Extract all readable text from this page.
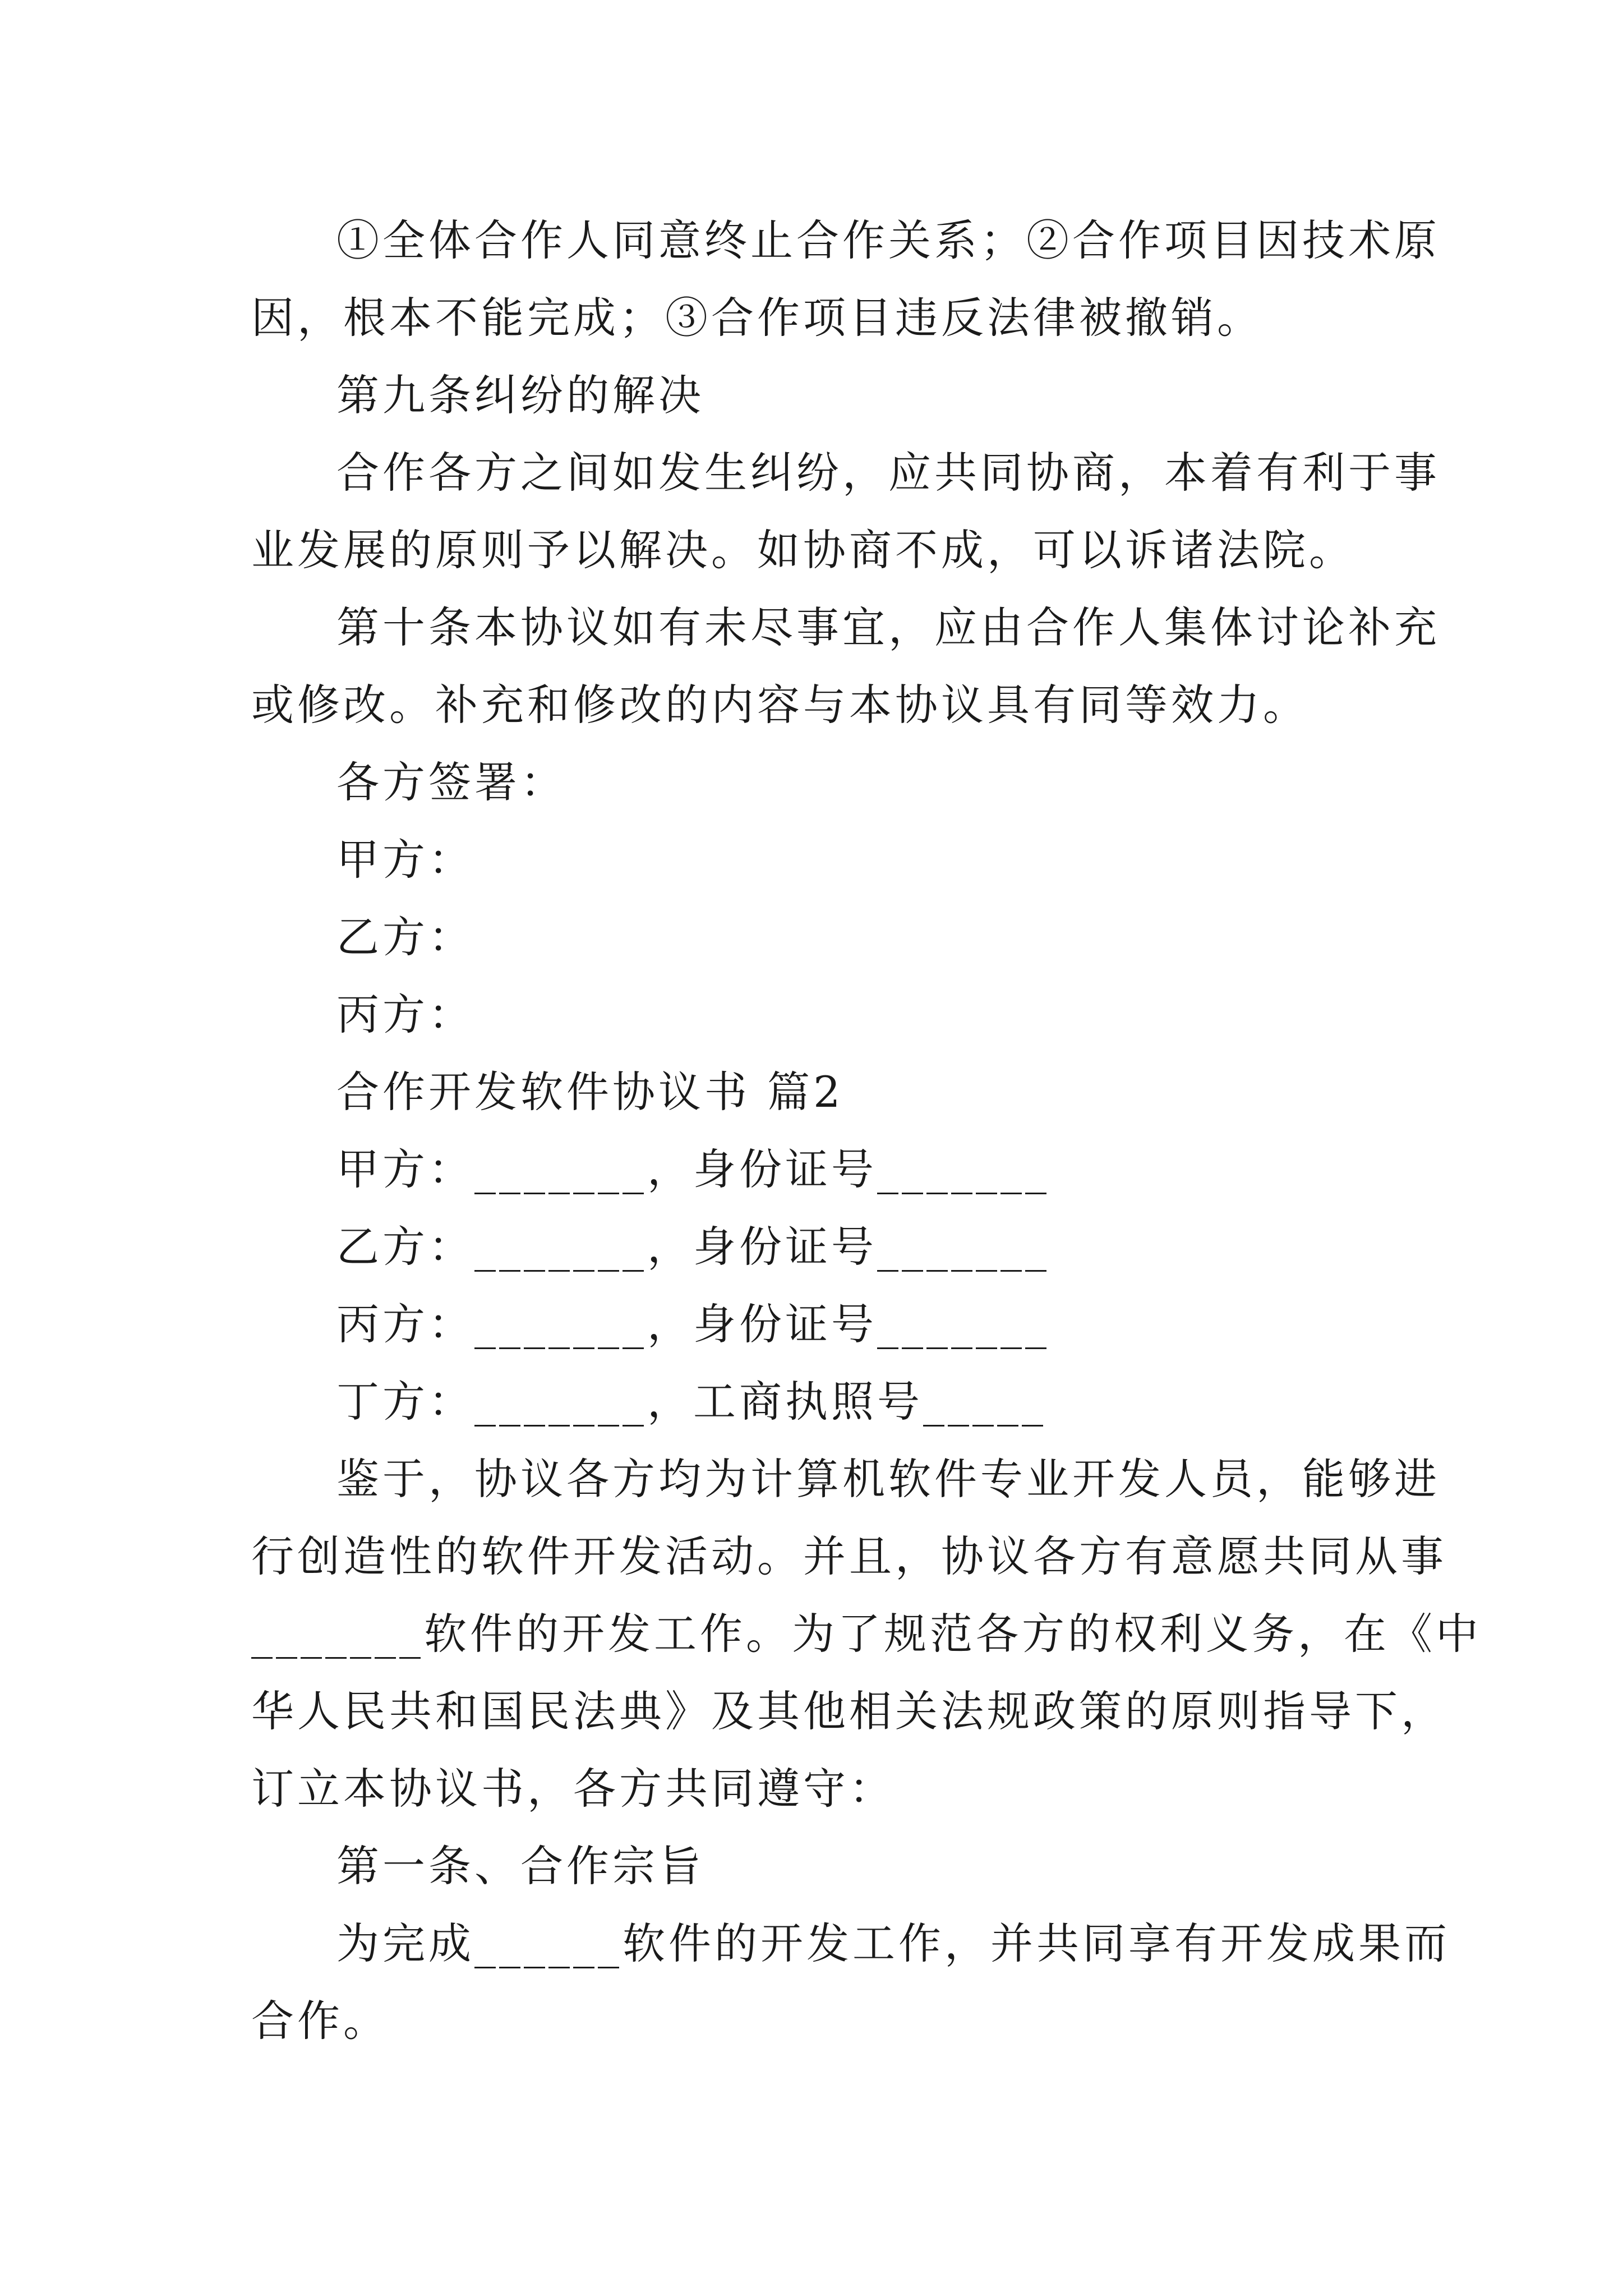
①全体合作人同意终止合作关系；②合作项目因技术原
因，根本不能完成；③合作项目违反法律被撤销。
第九条纠纷的解决
合作各方之间如发生纠纷，应共同协商，本着有利于事
业发展的原则予以解决。如协商不成，可以诉诸法院。
第十条本协议如有未尽事宜，应由合作人集体讨论补充
或修改。补充和修改的内容与本协议具有同等效力。
各方签署：
甲方：
乙方：
丙方：
合作开发软件协议书 篇2
甲方：_______，身份证号_______
乙方：_______，身份证号_______
丙方：_______，身份证号_______
丁方：_______，工商执照号_____
鉴于，协议各方均为计算机软件专业开发人员，能够进
行创造性的软件开发活动。并且，协议各方有意愿共同从事
_______软件的开发工作。为了规范各方的权利义务，在《中
华人民共和国民法典》及其他相关法规政策的原则指导下，
订立本协议书，各方共同遵守：
第一条、合作宗旨
为完成______软件的开发工作，并共同享有开发成果而
合作。
